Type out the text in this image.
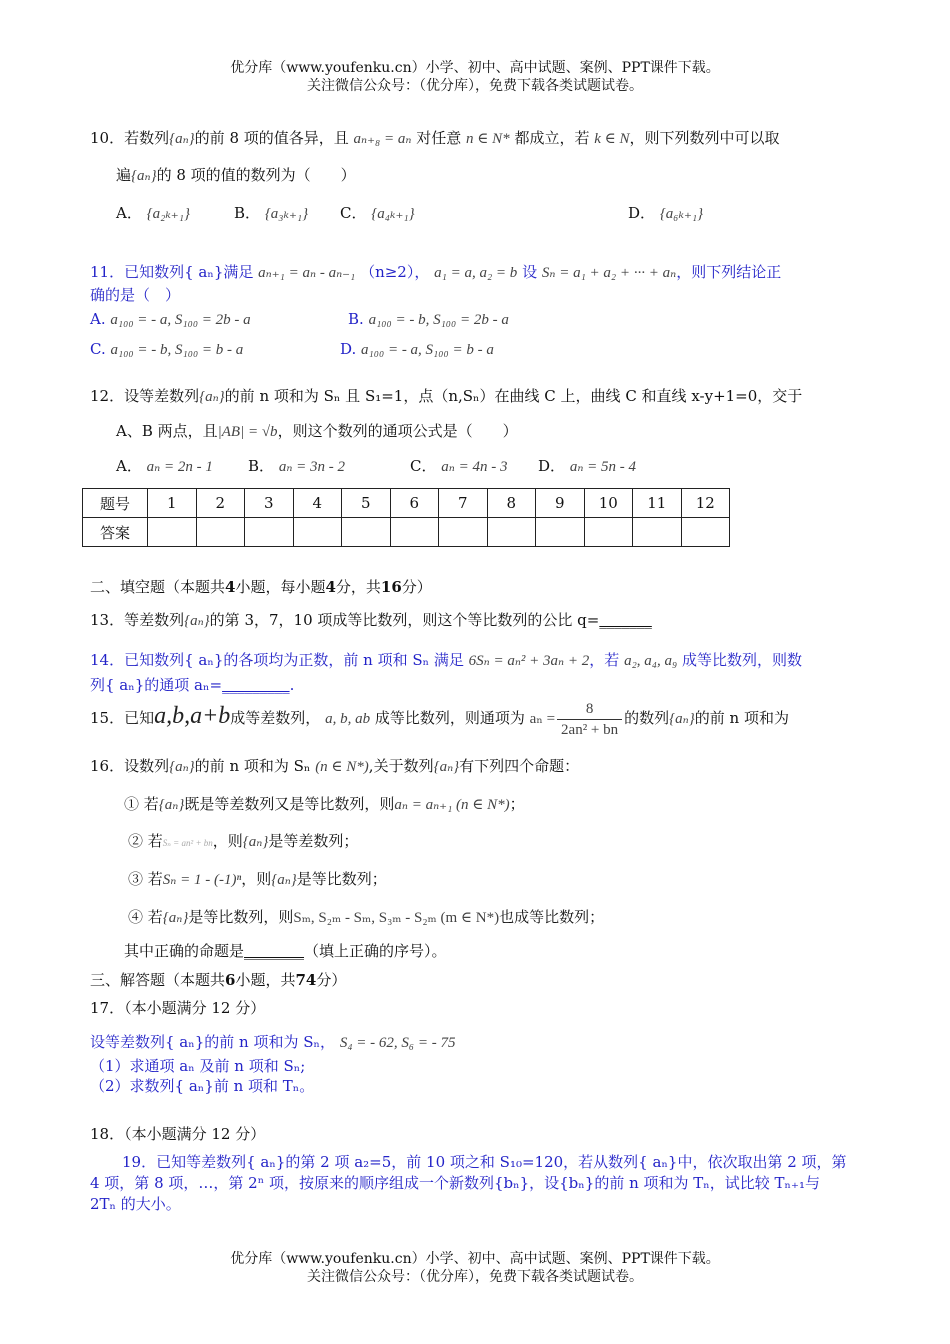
优分库（www.youfenku.cn）小学、初中、高中试题、案例、PPT课件下载。
关注微信公众号：（优分库），免费下载各类试题试卷。
10．若数列{aₙ}的前 8 项的值各异，且 aₙ₊₈ = aₙ 对任意 n ∈ N* 都成立，若 k ∈ N，则下列数列中可以取
遍{aₙ}的 8 项的值的数列为（　　）
A． {a₂ₖ₊₁}	B． {a₃ₖ₊₁} C． {a₄ₖ₊₁}	D． {a₆ₖ₊₁}
11．已知数列{ aₙ}满足 aₙ₊₁ = aₙ - aₙ₋₁ （n≥2）， a₁ = a, a₂ = b 设 Sₙ = a₁ + a₂ + ··· + aₙ，则下列结论正
确的是（　）
A. a₁₀₀ = - a, S₁₀₀ = 2b - a	B. a₁₀₀ = - b, S₁₀₀ = 2b - a
C. a₁₀₀ = - b, S₁₀₀ = b - a	D. a₁₀₀ = - a, S₁₀₀ = b - a
12．设等差数列{aₙ}的前 n 项和为 Sₙ 且 S₁=1，点（n,Sₙ）在曲线 C 上，曲线 C 和直线 x-y+1=0，交于
A、B 两点，且|AB| = √b，则这个数列的通项公式是（　　）
A． aₙ = 2n - 1 B． aₙ = 3n - 2	C． aₙ = 4n - 3 D． aₙ = 5n - 4
题号	1	2	3	4	5	6	7	8	9	10	11	12
答案												
二、填空题（本题共4小题，每小题4分，共16分）
13．等差数列{aₙ}的第 3，7，10 项成等比数列，则这个等比数列的公比 q=_______
14．已知数列{ aₙ}的各项均为正数，前 n 项和 Sₙ 满足 6Sₙ = aₙ² + 3aₙ + 2，若 a₂, a₄, a₉ 成等比数列，则数
列{ aₙ}的通项 aₙ=_________.
15．已知a,b,a+b成等差数列， a, b, ab 成等比数列，则通项为 $a_n = \frac{8}{\text{2an² + bn}}$ 的数列{aₙ}的前 n 项和为
16．设数列{aₙ}的前 n 项和为 Sₙ (n ∈ N*),关于数列{aₙ}有下列四个命题：
① 若{aₙ}既是等差数列又是等比数列，则aₙ = aₙ₊₁ (n ∈ N*)；
② 若Sₙ = an² + bn，则{aₙ}是等差数列；
③ 若Sₙ = 1 - (-1)ⁿ，则{aₙ}是等比数列；
④ 若{aₙ}是等比数列，则Sₘ, S₂ₘ - Sₘ, S₃ₘ - S₂ₘ (m ∈ N*)也成等比数列；
其中正确的命题是________（填上正确的序号）。
三、解答题（本题共6小题，共74分）
17．（本小题满分 12 分）
设等差数列{ aₙ}的前 n 项和为 Sₙ， S₄ = - 62, S₆ = - 75
（1）求通项 aₙ 及前 n 项和 Sₙ;
（2）求数列{ aₙ}前 n 项和 Tₙ。
18．（本小题满分 12 分）
19．已知等差数列{ aₙ}的第 2 项 a₂=5，前 10 项之和 S₁₀=120，若从数列{ aₙ}中，依次取出第 2 项，第
4 项，第 8 项，…，第 2ⁿ 项，按原来的顺序组成一个新数列{bₙ}，设{bₙ}的前 n 项和为 Tₙ，试比较 Tₙ₊₁与
2Tₙ 的大小。
优分库（www.youfenku.cn）小学、初中、高中试题、案例、PPT课件下载。
关注微信公众号：（优分库），免费下载各类试题试卷。
